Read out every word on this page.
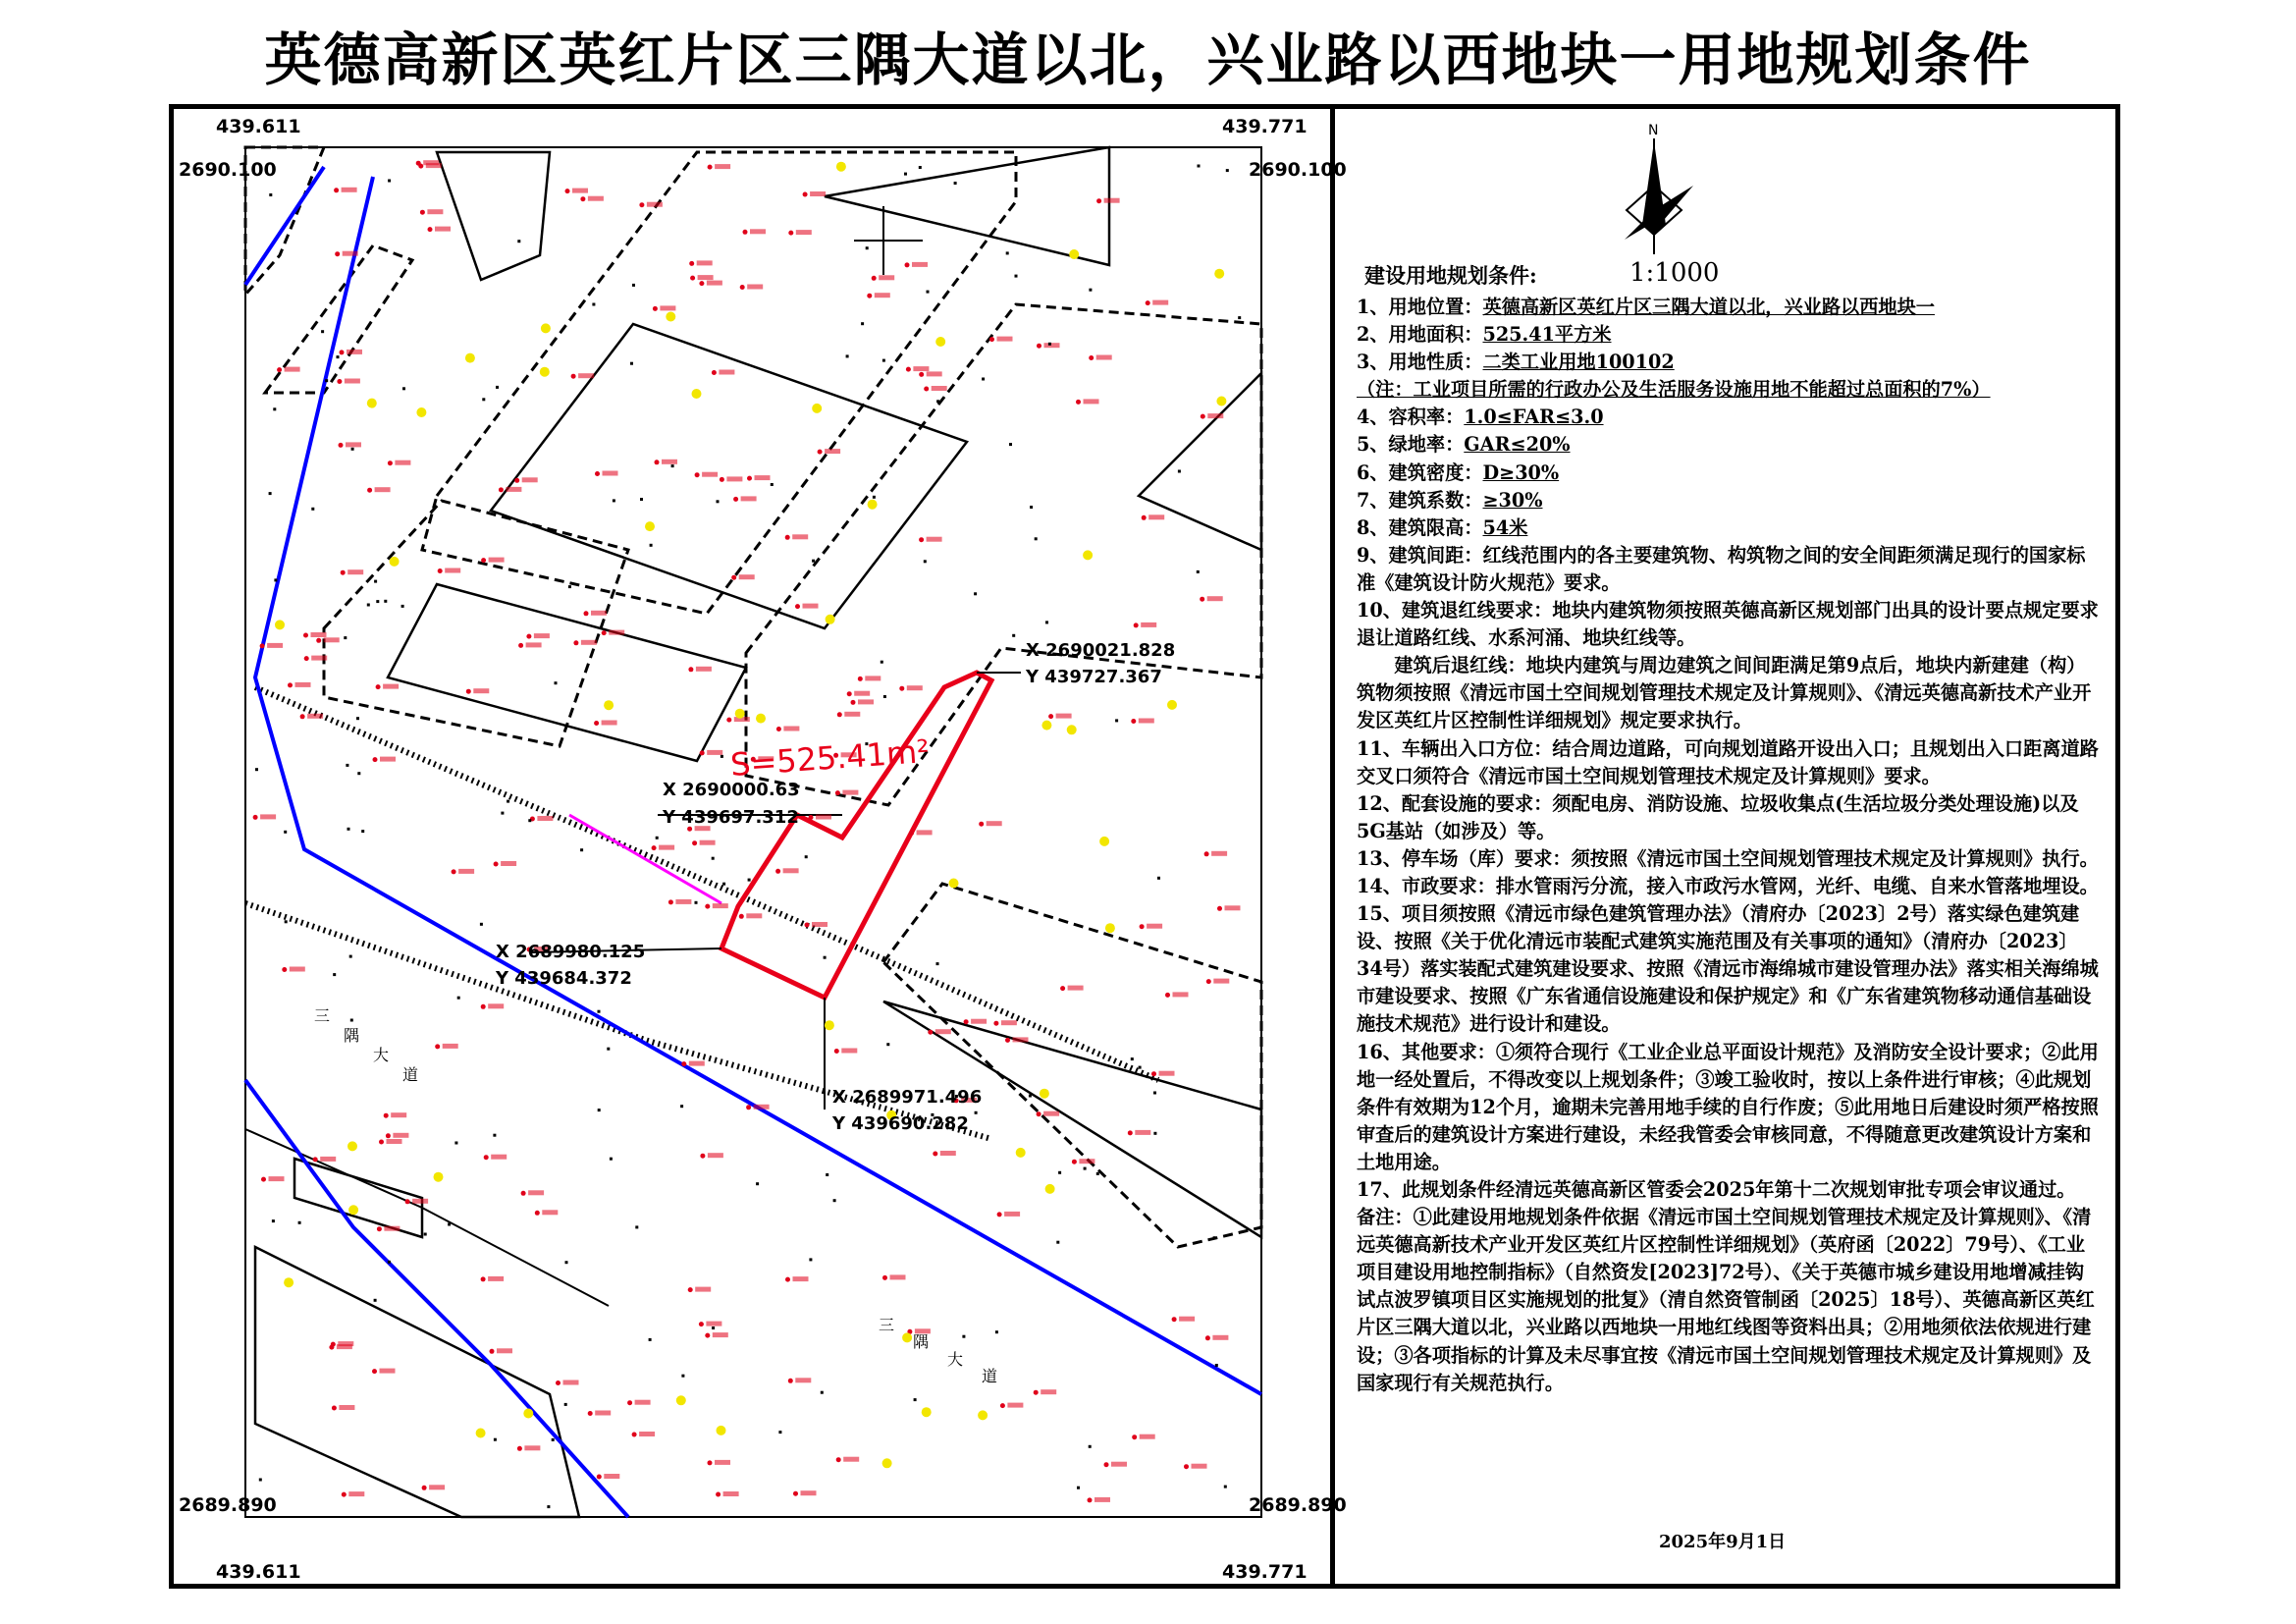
英德高新区英红片区三隅大道以北，兴业路以西地块一用地规划条件
439.611	439.771
2690.100	2690.100
2689.890	2689.890
439.611	439.771
S=525.41m²
X 2690021.828
Y 439727.367
X 2690000.63
Y 439697.312
X 2689980.125
Y 439684.372
X 2689971.496
Y 439690.282
三
隅
大
道
三
隅
大
道
N
建设用地规划条件:	1:1000
1、用地位置：英德高新区英红片区三隅大道以北，兴业路以西地块一
2、用地面积：525.41平方米
3、用地性质：二类工业用地100102
（注：工业项目所需的行政办公及生活服务设施用地不能超过总面积的7%）
4、容积率：1.0≤FAR≤3.0
5、绿地率：GAR≤20%
6、建筑密度：D≥30%
7、建筑系数：≥30%
8、建筑限高：54米
9、建筑间距：红线范围内的各主要建筑物、构筑物之间的安全间距须满足现行的国家标准《建筑设计防火规范》要求。
10、建筑退红线要求：地块内建筑物须按照英德高新区规划部门出具的设计要点规定要求退让道路红线、水系河涌、地块红线等。
　　建筑后退红线：地块内建筑与周边建筑之间间距满足第9点后，地块内新建建（构）筑物须按照《清远市国土空间规划管理技术规定及计算规则》、《清远英德高新技术产业开发区英红片区控制性详细规划》规定要求执行。
11、车辆出入口方位：结合周边道路，可向规划道路开设出入口；且规划出入口距离道路交叉口须符合《清远市国土空间规划管理技术规定及计算规则》要求。
12、配套设施的要求：须配电房、消防设施、垃圾收集点(生活垃圾分类处理设施)以及5G基站（如涉及）等。
13、停车场（库）要求：须按照《清远市国土空间规划管理技术规定及计算规则》执行。
14、市政要求：排水管雨污分流，接入市政污水管网，光纤、电缆、自来水管落地埋设。
15、项目须按照《清远市绿色建筑管理办法》（清府办〔2023〕2号）落实绿色建筑建设、按照《关于优化清远市装配式建筑实施范围及有关事项的通知》（清府办〔2023〕34号）落实装配式建筑建设要求、按照《清远市海绵城市建设管理办法》落实相关海绵城市建设要求、按照《广东省通信设施建设和保护规定》和《广东省建筑物移动通信基础设施技术规范》进行设计和建设。
16、其他要求：①须符合现行《工业企业总平面设计规范》及消防安全设计要求；②此用地一经处置后，不得改变以上规划条件；③竣工验收时，按以上条件进行审核；④此规划条件有效期为12个月，逾期未完善用地手续的自行作废；⑤此用地日后建设时须严格按照审查后的建筑设计方案进行建设，未经我管委会审核同意，不得随意更改建筑设计方案和土地用途。
17、此规划条件经清远英德高新区管委会2025年第十二次规划审批专项会审议通过。
备注：①此建设用地规划条件依据《清远市国土空间规划管理技术规定及计算规则》、《清远英德高新技术产业开发区英红片区控制性详细规划》（英府函〔2022〕79号）、《工业项目建设用地控制指标》（自然资发[2023]72号）、《关于英德市城乡建设用地增减挂钩试点波罗镇项目区实施规划的批复》（清自然资管制函〔2025〕18号）、英德高新区英红片区三隅大道以北，兴业路以西地块一用地红线图等资料出具；②用地须依法依规进行建设；③各项指标的计算及未尽事宜按《清远市国土空间规划管理技术规定及计算规则》及国家现行有关规范执行。
2025年9月1日
